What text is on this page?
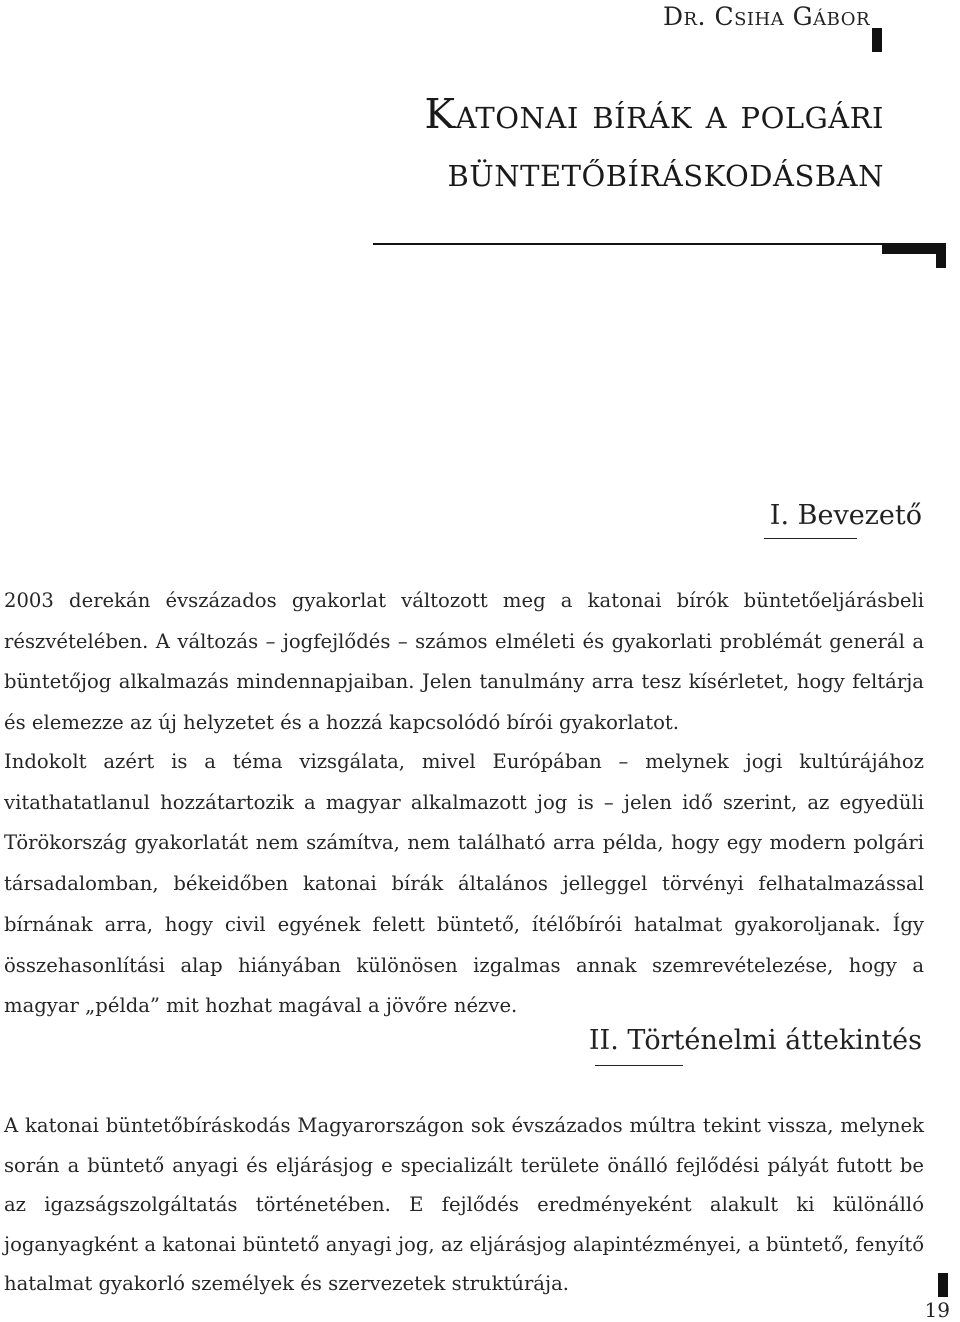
Dr. Csiha Gábor
Katonai bírák a polgári
büntetőbíráskodásban
I. Bevezető

2003 derekán évszázados gyakorlat változott meg a katonai bírók büntetőeljárásbeli részvételében. A változás – jogfejlődés – számos elméleti és gyakorlati problémát generál a büntetőjog alkalmazás mindennapjaiban. Jelen tanulmány arra tesz kísérletet, hogy feltárja és elemezze az új helyzetet és a hozzá kapcsolódó bírói gyakorlatot.

Indokolt azért is a téma vizsgálata, mivel Európában – melynek jogi kultúrájához vitathatatlanul hozzátartozik a magyar alkalmazott jog is – jelen idő szerint, az egyedüli Törökország gyakorlatát nem számítva, nem található arra példa, hogy egy modern polgári társadalomban, békeidőben katonai bírák általános jelleggel törvényi felhatalmazással bírnának arra, hogy civil egyének felett büntető, ítélőbírói hatalmat gyakoroljanak. Így összehasonlítási alap hiányában különösen izgalmas annak szemrevételezése, hogy a magyar „példa” mit hozhat magával a jövőre nézve.

II. Történelmi áttekintés

A katonai büntetőbíráskodás Magyarországon sok évszázados múltra tekint vissza, melynek során a büntető anyagi és eljárásjog e specializált területe önálló fejlődési pályát futott be az igazságszolgáltatás történetében. E fejlődés eredményeként alakult ki különálló joganyagként a katonai büntető anyagi jog, az eljárásjog alapintézményei, a büntető, fenyítő hatalmat gyakorló személyek és szervezetek struktúrája.

19
